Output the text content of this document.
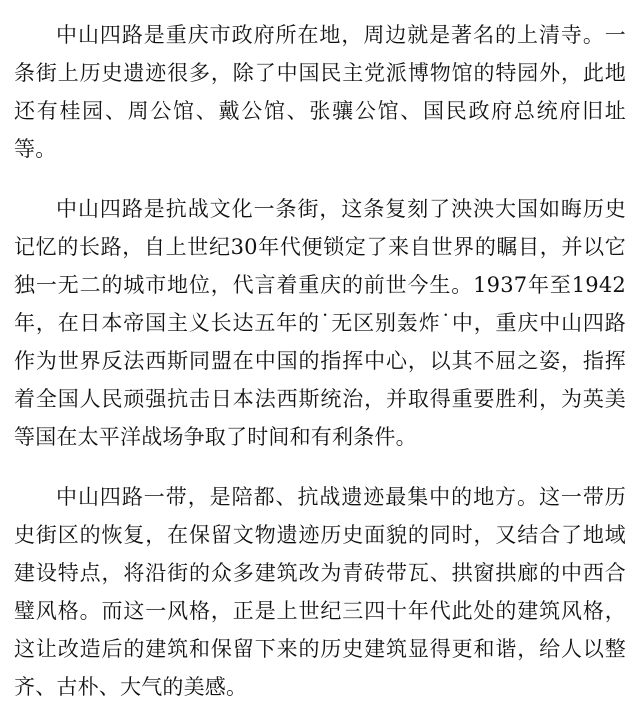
中山四路是重庆市政府所在地，周边就是著名的上清寺。一条街上历史遗迹很多，除了中国民主党派博物馆的特园外，此地还有桂园、周公馆、戴公馆、张骧公馆、国民政府总统府旧址等。

中山四路是抗战文化一条街，这条复刻了泱泱大国如晦历史记忆的长路，自上世纪30年代便锁定了来自世界的瞩目，并以它独一无二的城市地位，代言着重庆的前世今生。1937年至1942年，在日本帝国主义长达五年的˙无区别轰炸˙中，重庆中山四路作为世界反法西斯同盟在中国的指挥中心，以其不屈之姿，指挥着全国人民顽强抗击日本法西斯统治，并取得重要胜利，为英美等国在太平洋战场争取了时间和有利条件。

中山四路一带，是陪都、抗战遗迹最集中的地方。这一带历史街区的恢复，在保留文物遗迹历史面貌的同时，又结合了地域建设特点，将沿街的众多建筑改为青砖带瓦、拱窗拱廊的中西合璧风格。而这一风格，正是上世纪三四十年代此处的建筑风格，这让改造后的建筑和保留下来的历史建筑显得更和谐，给人以整齐、古朴、大气的美感。
